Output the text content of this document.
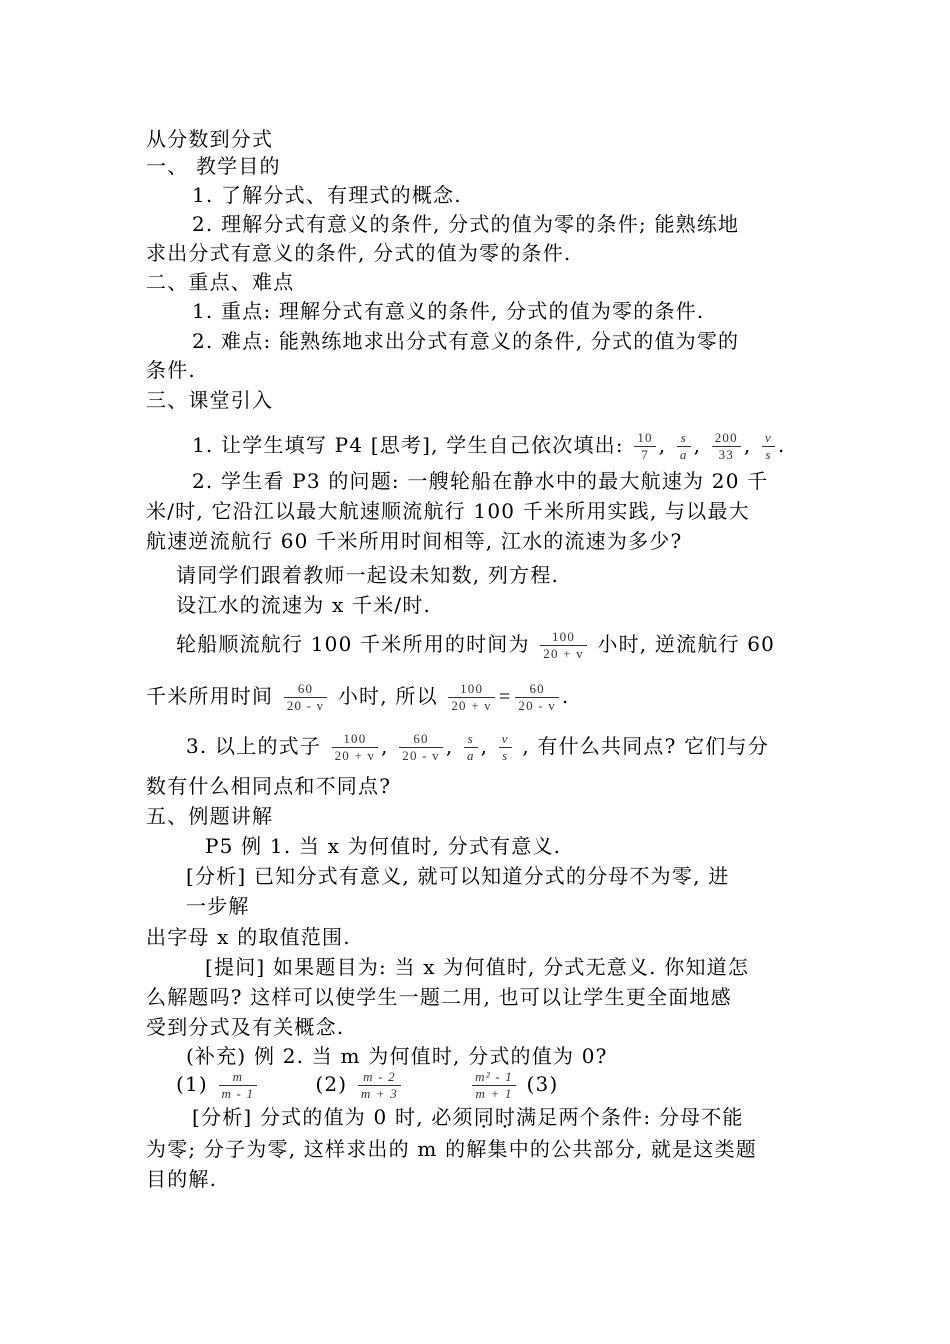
从分数到分式
一、 教学目的
1. 了解分式、有理式的概念.
2. 理解分式有意义的条件, 分式的值为零的条件; 能熟练地
求出分式有意义的条件, 分式的值为零的条件.
二、重点、难点
1. 重点: 理解分式有意义的条件, 分式的值为零的条件.
2. 难点: 能熟练地求出分式有意义的条件, 分式的值为零的
条件.
三、课堂引入
1. 让学生填写 P4 [思考], 学生自己依次填出: $\frac{10}{7}$ , $\frac{s}{a}$ , $\frac{200}{33}$ , $\frac{v}{s}$ .
2. 学生看 P3 的问题: 一艘轮船在静水中的最大航速为 20 千
米/时, 它沿江以最大航速顺流航行 100 千米所用实践, 与以最大
航速逆流航行 60 千米所用时间相等, 江水的流速为多少?
请同学们跟着教师一起设未知数, 列方程.
设江水的流速为 x 千米/时.
轮船顺流航行 100 千米所用的时间为 $\frac{100}{20 + v}$ 小时, 逆流航行 60
千米所用时间 $\frac{60}{20 - v}$ 小时, 所以 $\frac{100}{20 + v} = \frac{60}{20 - v}$ .
3. 以上的式子 $\frac{100}{20 + v}$ , $\frac{60}{20 - v}$ , $\frac{s}{a}$ , $\frac{v}{s}$ , 有什么共同点? 它们与分
数有什么相同点和不同点?
五、例题讲解
P5 例 1. 当 x 为何值时, 分式有意义.
[分析] 已知分式有意义, 就可以知道分式的分母不为零, 进
一步解
出字母 x 的取值范围.
[提问] 如果题目为: 当 x 为何值时, 分式无意义. 你知道怎
么解题吗? 这样可以使学生一题二用, 也可以让学生更全面地感
受到分式及有关概念.
(补充) 例 2. 当 m 为何值时, 分式的值为 0?
$(1) \frac{m}{m - 1}$	$(2) \frac{m - 2}{m + 3}$
	$\frac{\text{m² - 1}}{m + 1} (3)$
[分析] 分式的值为 0 时, 必须同时满足两个条件: 分母不能
为零; 分子为零, 这样求出的 m 的解集中的公共部分, 就是这类题
目的解.
